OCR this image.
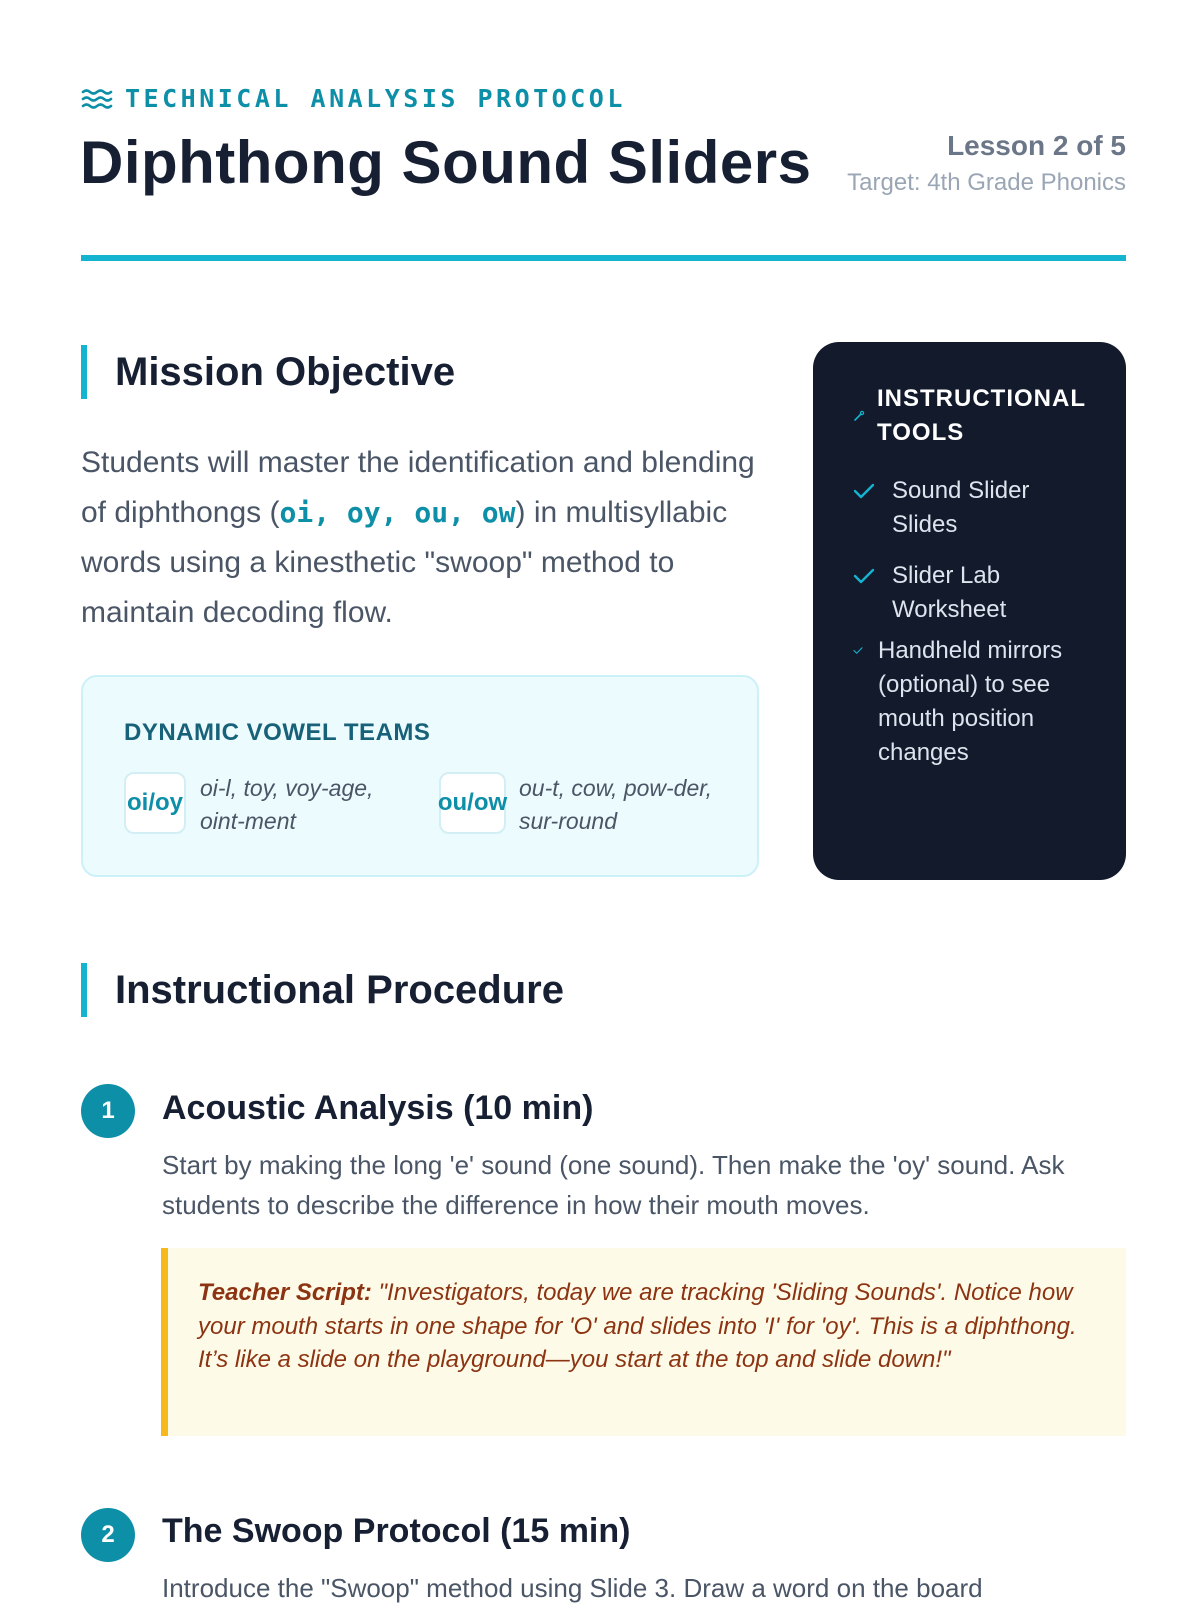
TECHNICAL ANALYSIS PROTOCOL
Diphthong Sound Sliders	Lesson 2 of 5
Target: 4th Grade Phonics
Mission Objective

Students will master the identification and blending of diphthongs (oi, oy, ou, ow) in multisyllabic words using a kinesthetic "swoop" method to maintain decoding flow.

DYNAMIC VOWEL TEAMS
oi/oy
oi-l, toy, voy-age, oint-ment
ou/ow
ou-t, cow, pow-der, sur-round
INSTRUCTIONAL TOOLS
Sound Slider Slides
Slider Lab Worksheet
Handheld mirrors (optional) to see mouth position changes
Instructional Procedure
1	Acoustic Analysis (10 min)

Start by making the long 'e' sound (one sound). Then make the 'oy' sound. Ask students to describe the difference in how their mouth moves.

Teacher Script: "Investigators, today we are tracking 'Sliding Sounds'. Notice how your mouth starts in one shape for 'O' and slides into 'I' for 'oy'. This is a diphthong. It’s like a slide on the playground—you start at the top and slide down!"
2	The Swoop Protocol (15 min)

Introduce the "Swoop" method using Slide 3. Draw a word on the board
